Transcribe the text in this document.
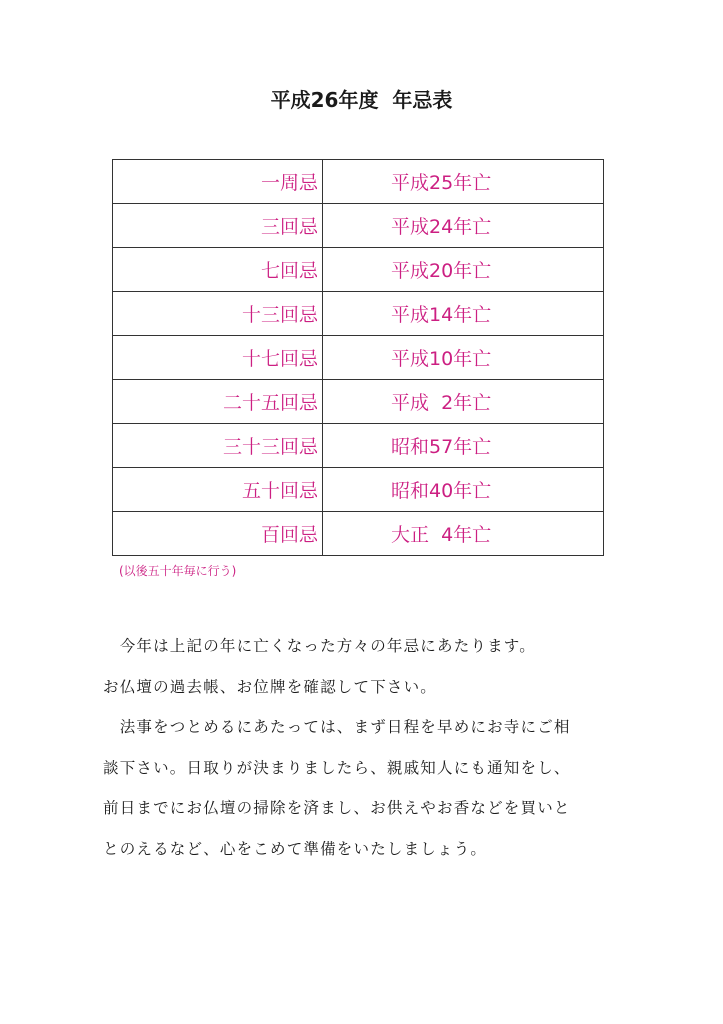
平成26年度  年忌表
一周忌	平成25年亡
三回忌	平成24年亡
七回忌	平成20年亡
十三回忌	平成14年亡
十七回忌	平成10年亡
二十五回忌	平成  2年亡
三十三回忌	昭和57年亡
五十回忌	昭和40年亡
百回忌	大正  4年亡
(以後五十年毎に行う)

　今年は上記の年に亡くなった方々の年忌にあたります。

お仏壇の過去帳、お位牌を確認して下さい。

　法事をつとめるにあたっては、まず日程を早めにお寺にご相

談下さい。日取りが決まりましたら、親戚知人にも通知をし、

前日までにお仏壇の掃除を済まし、お供えやお香などを買いと

とのえるなど、心をこめて準備をいたしましょう。
